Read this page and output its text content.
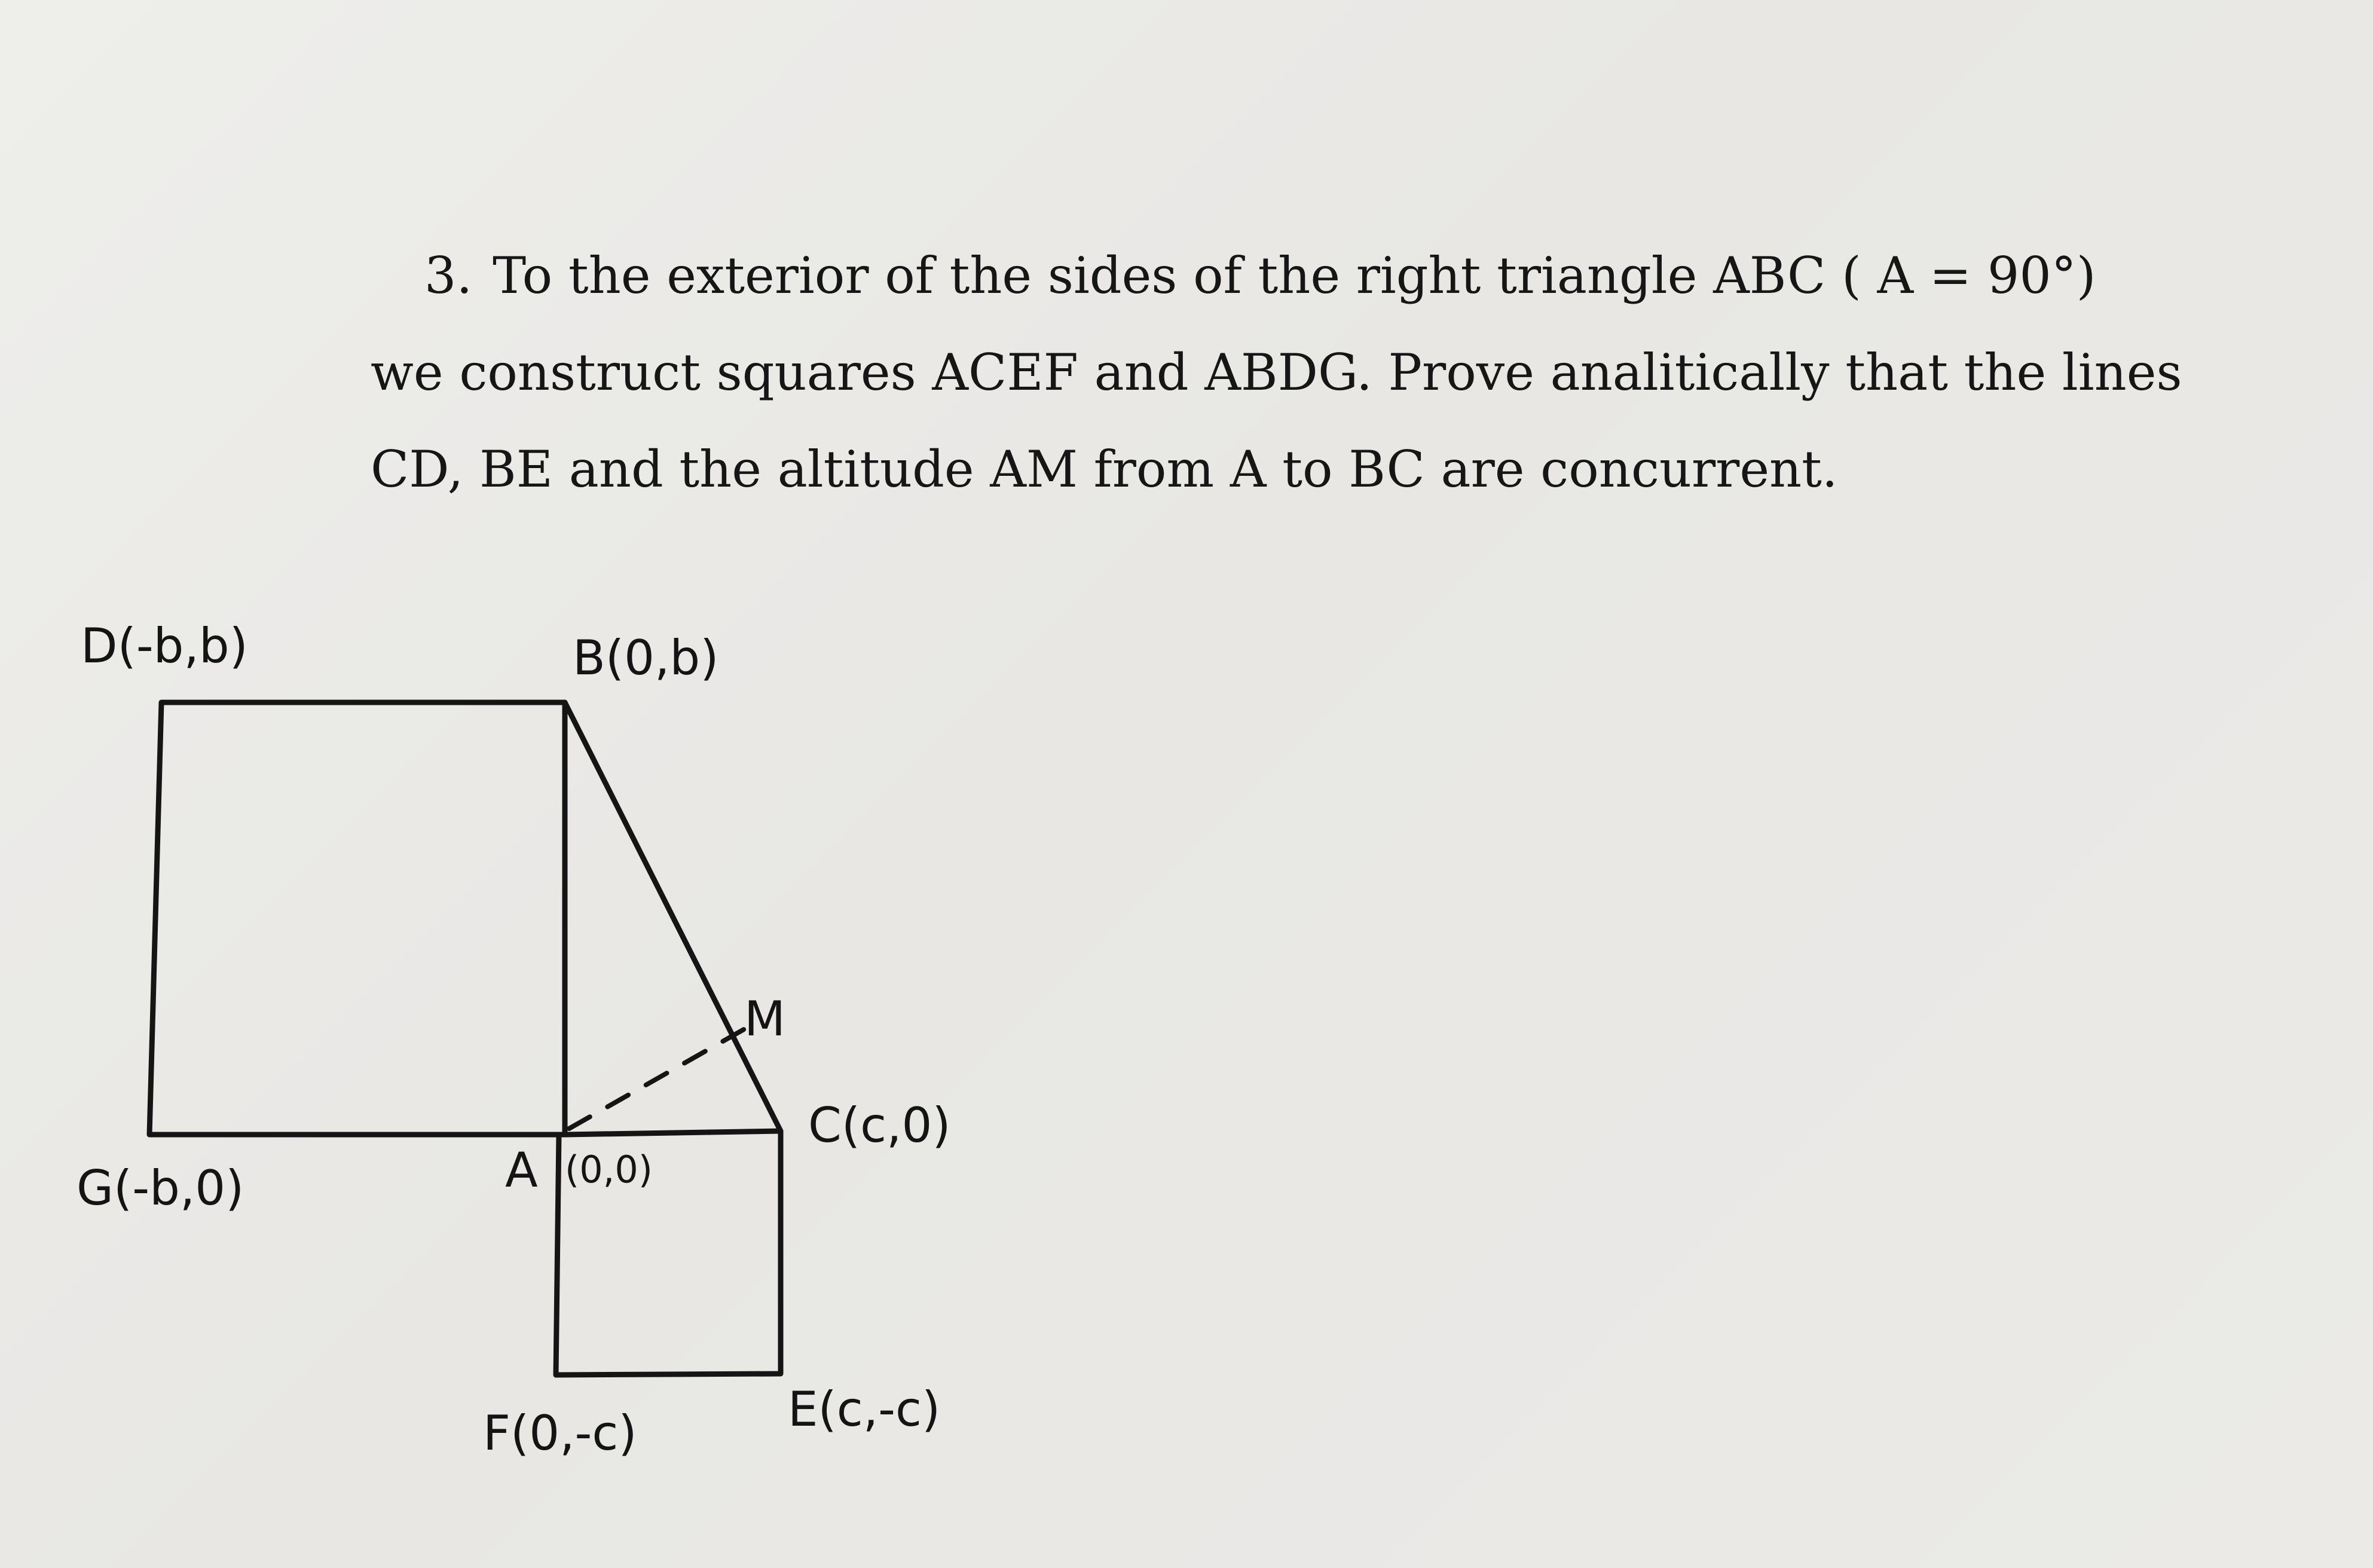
3. To the exterior of the sides of the right triangle ABC ( A = 90°)
we construct squares ACEF and ABDG. Prove analitically that the lines
CD, BE and the altitude AM from A to BC are concurrent.

D(-b,b)	B(0,b)
M
C(c,0)
G(-b,0)	A (0,0)
F(0,-c)	E(c,-c)
